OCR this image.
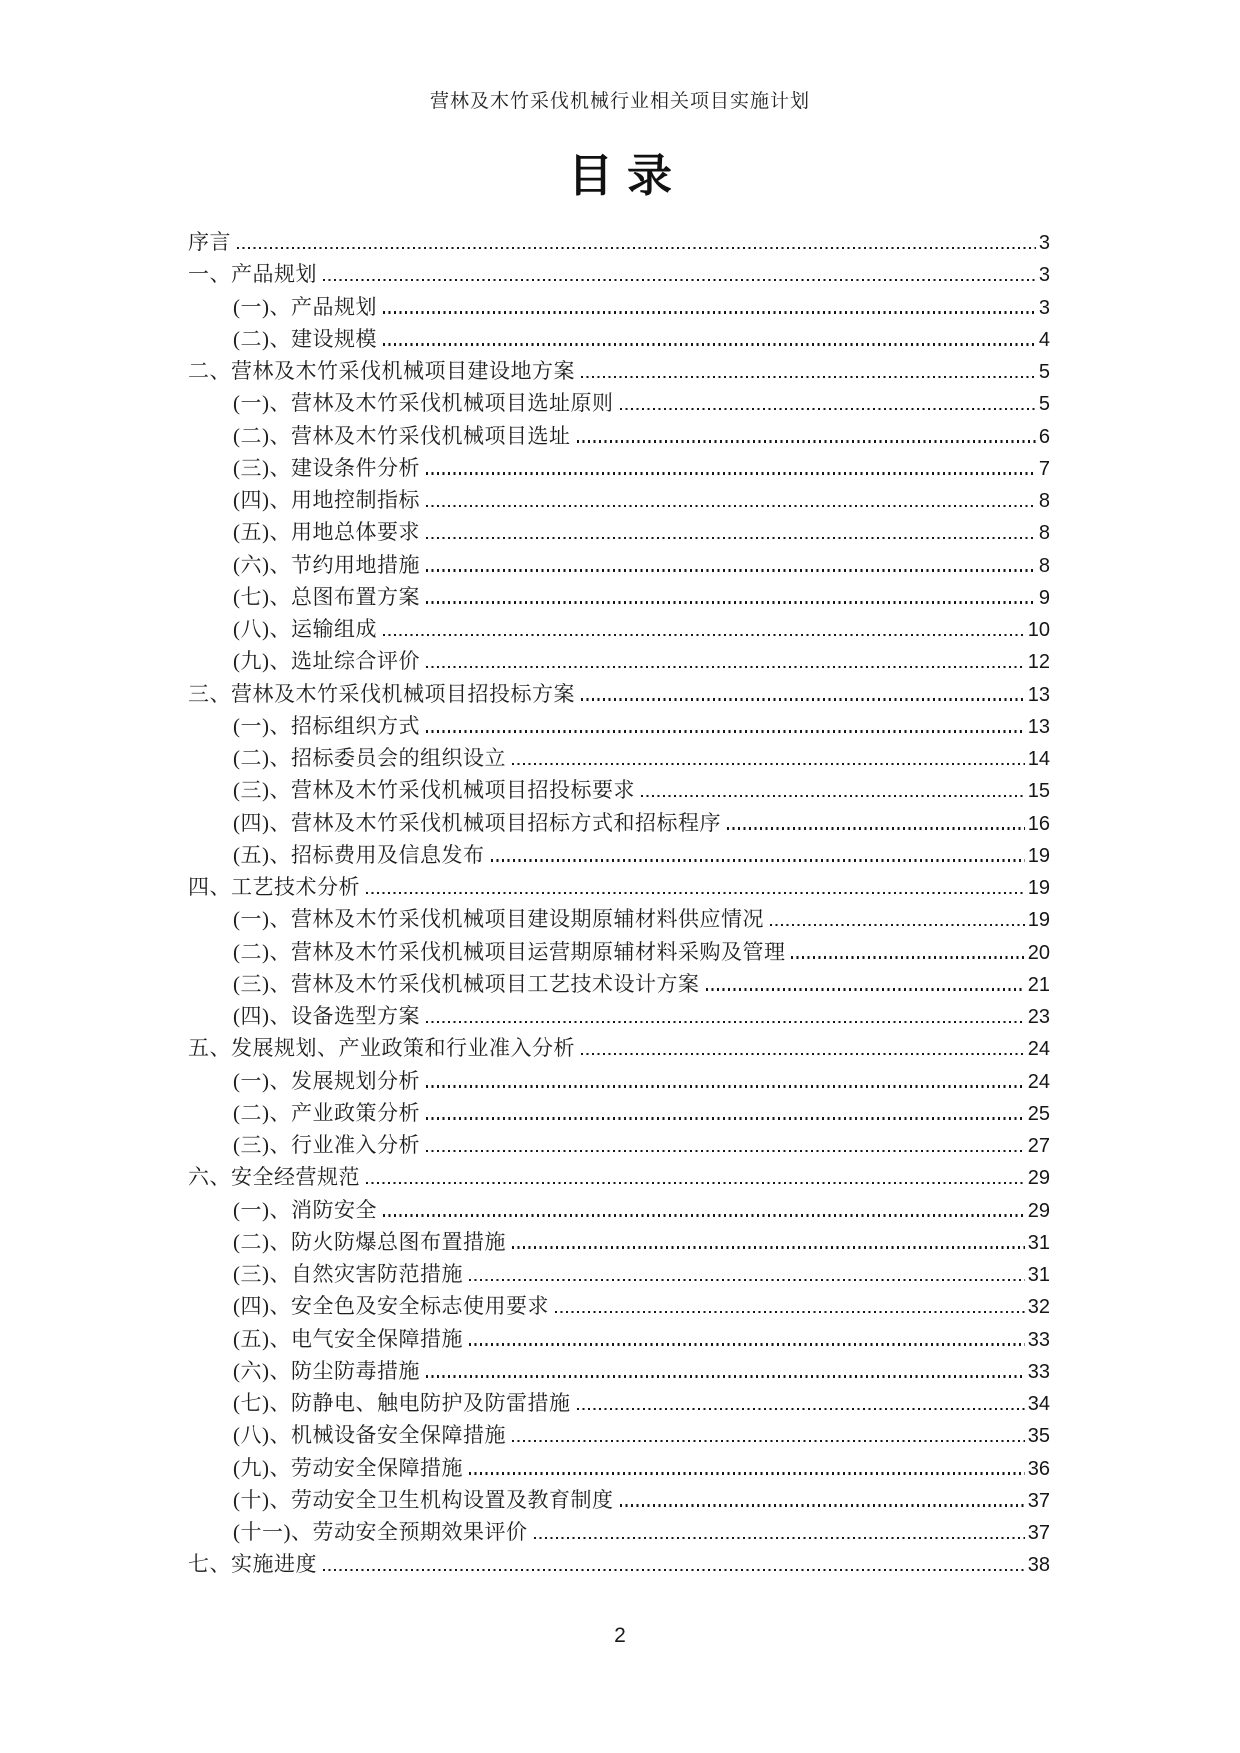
营林及木竹采伐机械行业相关项目实施计划
目录
序言	3
一、产品规划	3
(一)、产品规划	3
(二)、建设规模	4
二、营林及木竹采伐机械项目建设地方案	5
(一)、营林及木竹采伐机械项目选址原则	5
(二)、营林及木竹采伐机械项目选址	6
(三)、建设条件分析	7
(四)、用地控制指标	8
(五)、用地总体要求	8
(六)、节约用地措施	8
(七)、总图布置方案	9
(八)、运输组成	10
(九)、选址综合评价	12
三、营林及木竹采伐机械项目招投标方案	13
(一)、招标组织方式	13
(二)、招标委员会的组织设立	14
(三)、营林及木竹采伐机械项目招投标要求	15
(四)、营林及木竹采伐机械项目招标方式和招标程序	16
(五)、招标费用及信息发布	19
四、工艺技术分析	19
(一)、营林及木竹采伐机械项目建设期原辅材料供应情况	19
(二)、营林及木竹采伐机械项目运营期原辅材料采购及管理	20
(三)、营林及木竹采伐机械项目工艺技术设计方案	21
(四)、设备选型方案	23
五、发展规划、产业政策和行业准入分析	24
(一)、发展规划分析	24
(二)、产业政策分析	25
(三)、行业准入分析	27
六、安全经营规范	29
(一)、消防安全	29
(二)、防火防爆总图布置措施	31
(三)、自然灾害防范措施	31
(四)、安全色及安全标志使用要求	32
(五)、电气安全保障措施	33
(六)、防尘防毒措施	33
(七)、防静电、触电防护及防雷措施	34
(八)、机械设备安全保障措施	35
(九)、劳动安全保障措施	36
(十)、劳动安全卫生机构设置及教育制度	37
(十一)、劳动安全预期效果评价	37
七、实施进度	38
2
